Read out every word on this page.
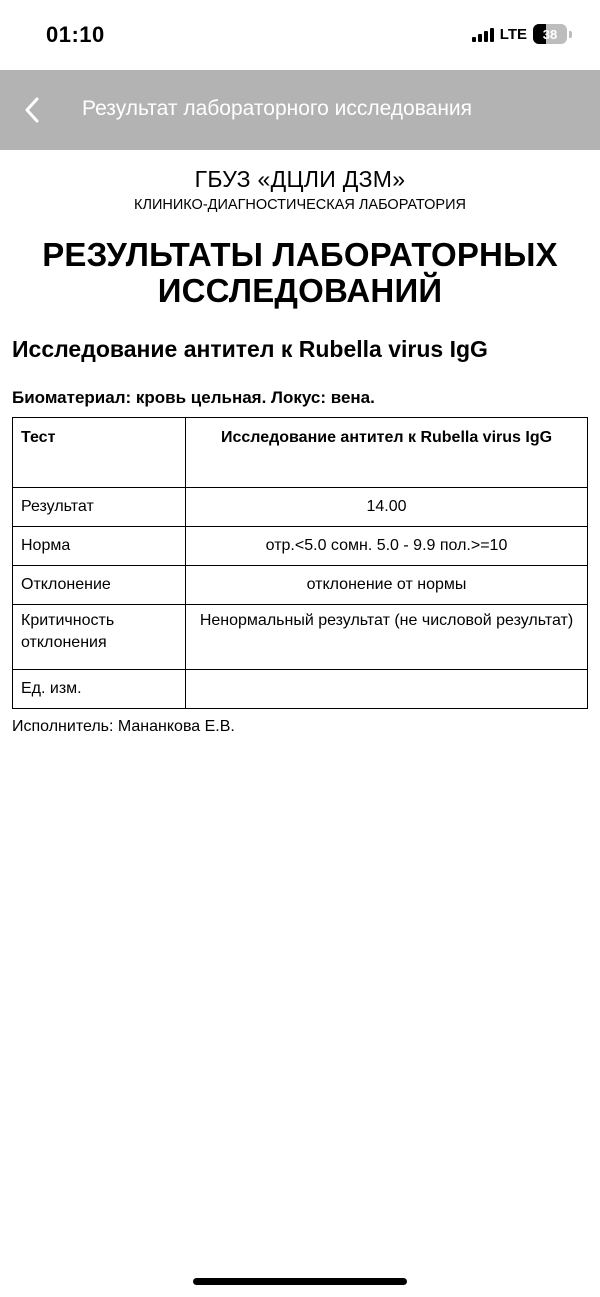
01:10	LTE	38
Результат лабораторного исследования
ГБУЗ «ДЦЛИ ДЗМ»
КЛИНИКО-ДИАГНОСТИЧЕСКАЯ ЛАБОРАТОРИЯ
РЕЗУЛЬТАТЫ ЛАБОРАТОРНЫХ
ИССЛЕДОВАНИЙ
Исследование антител к Rubella virus IgG
Биоматериал: кровь цельная. Локус: вена.
Тест	Исследование антител к Rubella virus IgG
Результат	14.00
Норма	отр.<5.0 сомн. 5.0 - 9.9 пол.>=10
Отклонение	отклонение от нормы
Критичность отклонения	Ненормальный результат (не числовой результат)
Ед. изм.	
Исполнитель: Мананкова Е.В.
